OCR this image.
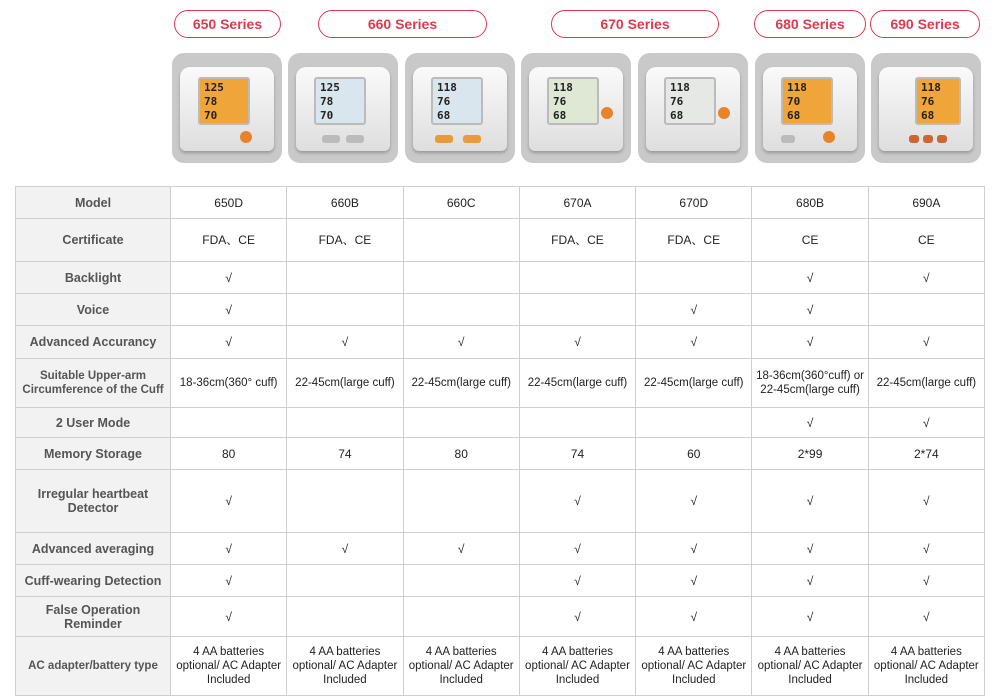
650 Series	660 Series	670 Series	680 Series	690 Series
125
78
70
125
78
70
118
76
68
118
76
68
118
76
68
118
70
68
118
76
68
Model	650D	660B	660C	670A	670D	680B	690A
Certificate	FDA、CE	FDA、CE		FDA、CE	FDA、CE	CE	CE
Backlight	√					√	√
Voice	√				√	√	
Advanced Accurancy	√	√	√	√	√	√	√
Suitable Upper-arm Circumference of the Cuff	18-36cm(360° cuff)	22-45cm(large cuff)	22-45cm(large cuff)	22-45cm(large cuff)	22-45cm(large cuff)	18-36cm(360°cuff) or 22-45cm(large cuff)	22-45cm(large cuff)
2 User Mode						√	√
Memory Storage	80	74	80	74	60	2*99	2*74
Irregular heartbeat Detector	√			√	√	√	√
Advanced averaging	√	√	√	√	√	√	√
Cuff-wearing Detection	√			√	√	√	√
False Operation Reminder	√			√	√	√	√
AC adapter/battery type	4 AA batteries optional/ AC Adapter Included	4 AA batteries optional/ AC Adapter Included	4 AA batteries optional/ AC Adapter Included	4 AA batteries optional/ AC Adapter Included	4 AA batteries optional/ AC Adapter Included	4 AA batteries optional/ AC Adapter Included	4 AA batteries optional/ AC Adapter Included
